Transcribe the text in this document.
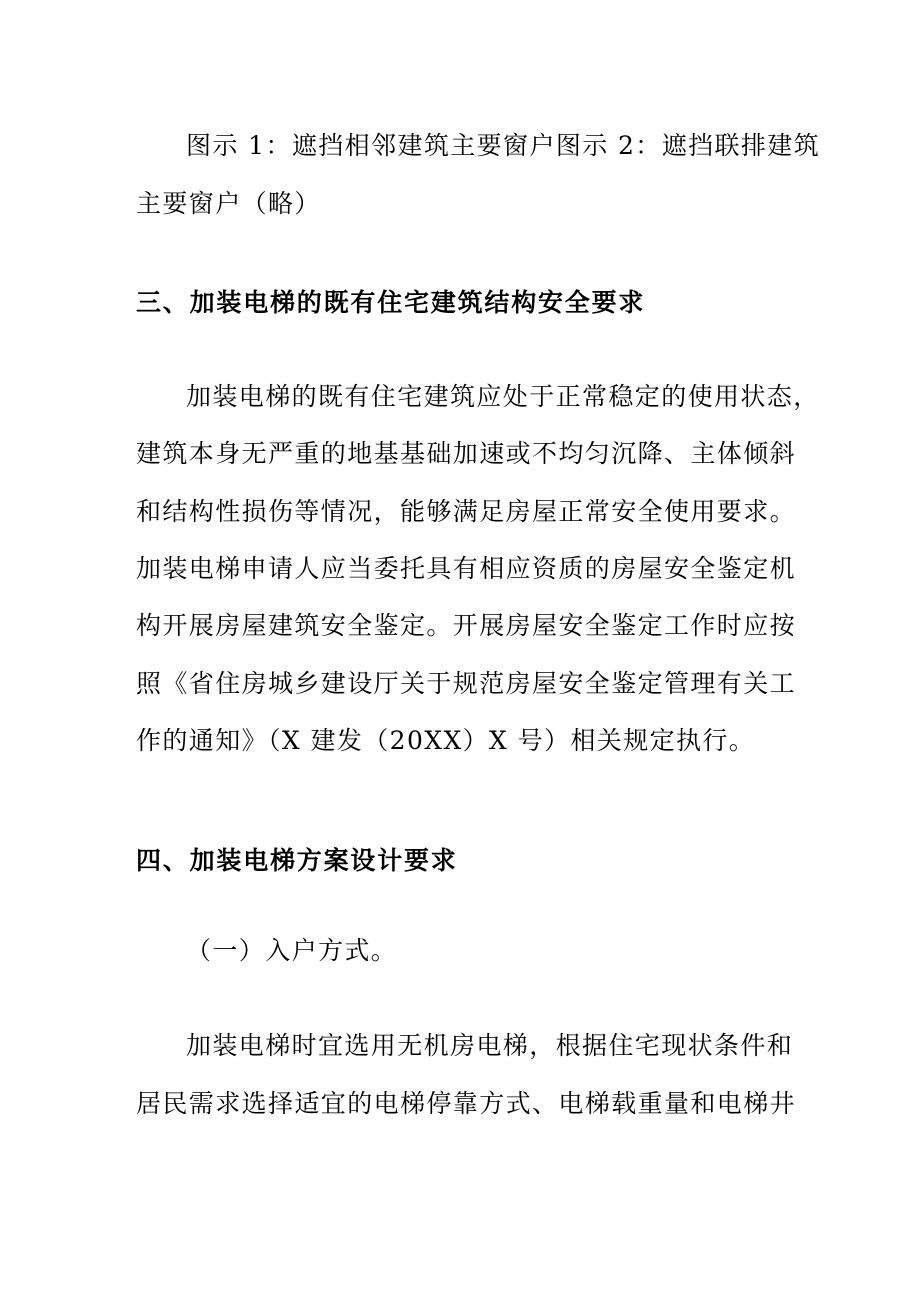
图示 1：遮挡相邻建筑主要窗户图示 2：遮挡联排建筑
主要窗户（略）
三、加装电梯的既有住宅建筑结构安全要求
加装电梯的既有住宅建筑应处于正常稳定的使用状态，
建筑本身无严重的地基基础加速或不均匀沉降、主体倾斜
和结构性损伤等情况，能够满足房屋正常安全使用要求。
加装电梯申请人应当委托具有相应资质的房屋安全鉴定机
构开展房屋建筑安全鉴定。开展房屋安全鉴定工作时应按
照《省住房城乡建设厅关于规范房屋安全鉴定管理有关工
作的通知》（X 建发（20XX）X 号）相关规定执行。
四、加装电梯方案设计要求
（一）入户方式。
加装电梯时宜选用无机房电梯，根据住宅现状条件和
居民需求选择适宜的电梯停靠方式、电梯载重量和电梯井
